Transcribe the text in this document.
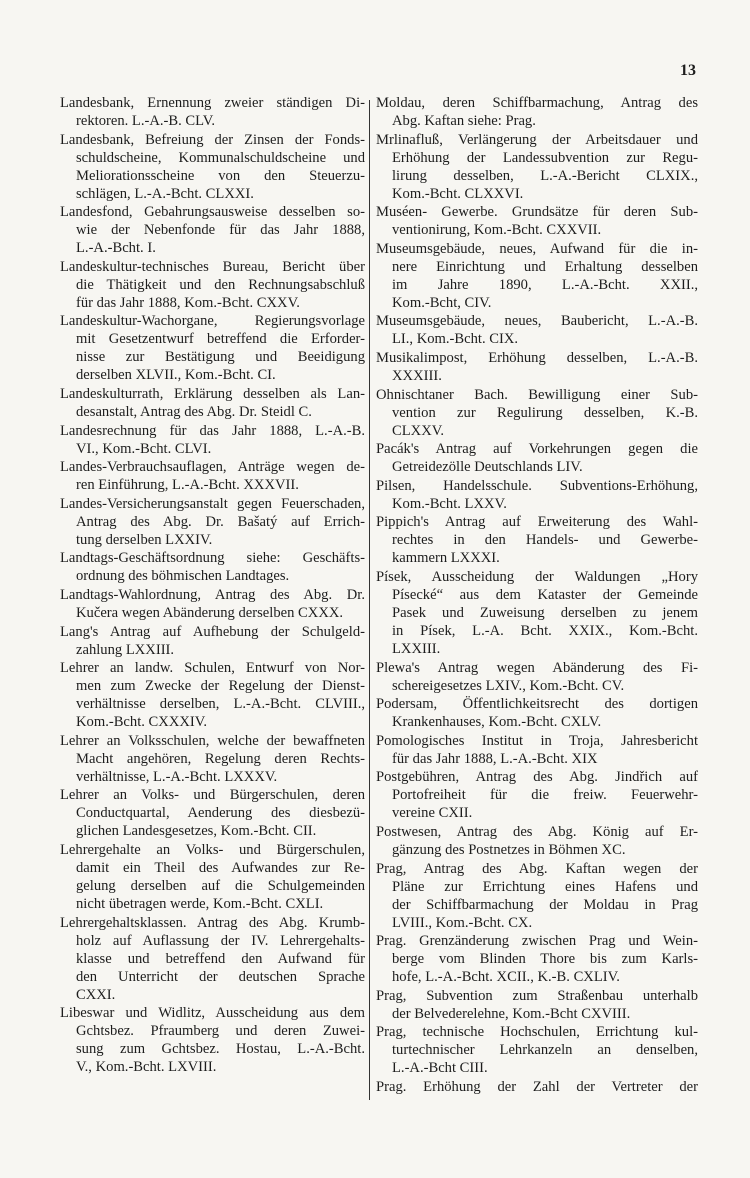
13
Landesbank, Ernennung zweier ständigen Di-
rektoren. L.-A.-B. CLV.
Landesbank, Befreiung der Zinsen der Fonds-
schuldscheine, Kommunalschuldscheine und
Meliorationsscheine von den Steuerzu-
schlägen, L.-A.-Bcht. CLXXI.
Landesfond, Gebahrungsausweise desselben so-
wie der Nebenfonde für das Jahr 1888,
L.-A.-Bcht. I.
Landeskultur-technisches Bureau, Bericht über
die Thätigkeit und den Rechnungsabschluß
für das Jahr 1888, Kom.-Bcht. CXXV.
Landeskultur-Wachorgane, Regierungsvorlage
mit Gesetzentwurf betreffend die Erforder-
nisse zur Bestätigung und Beeidigung
derselben XLVII., Kom.-Bcht. CI.
Landeskulturrath, Erklärung desselben als Lan-
desanstalt, Antrag des Abg. Dr. Steidl C.
Landesrechnung für das Jahr 1888, L.-A.-B.
VI., Kom.-Bcht. CLVI.
Landes-Verbrauchsauflagen, Anträge wegen de-
ren Einführung, L.-A.-Bcht. XXXVII.
Landes-Versicherungsanstalt gegen Feuerschaden,
Antrag des Abg. Dr. Bašatý auf Errich-
tung derselben LXXIV.
Landtags-Geschäftsordnung siehe: Geschäfts-
ordnung des böhmischen Landtages.
Landtags-Wahlordnung, Antrag des Abg. Dr.
Kučera wegen Abänderung derselben CXXX.
Lang's Antrag auf Aufhebung der Schulgeld-
zahlung LXXIII.
Lehrer an landw. Schulen, Entwurf von Nor-
men zum Zwecke der Regelung der Dienst-
verhältnisse derselben, L.-A.-Bcht. CLVIII.,
Kom.-Bcht. CXXXIV.
Lehrer an Volksschulen, welche der bewaffneten
Macht angehören, Regelung deren Rechts-
verhältnisse, L.-A.-Bcht. LXXXV.
Lehrer an Volks- und Bürgerschulen, deren
Conductquartal, Aenderung des diesbezü-
glichen Landesgesetzes, Kom.-Bcht. CII.
Lehrergehalte an Volks- und Bürgerschulen,
damit ein Theil des Aufwandes zur Re-
gelung derselben auf die Schulgemeinden
nicht übetragen werde, Kom.-Bcht. CXLI.
Lehrergehaltsklassen. Antrag des Abg. Krumb-
holz auf Auflassung der IV. Lehrergehalts-
klasse und betreffend den Aufwand für
den Unterricht der deutschen Sprache
CXXI.
Libeswar und Widlitz, Ausscheidung aus dem
Gchtsbez. Pfraumberg und deren Zuwei-
sung zum Gchtsbez. Hostau, L.-A.-Bcht.
V., Kom.-Bcht. LXVIII.
Moldau, deren Schiffbarmachung, Antrag des
Abg. Kaftan siehe: Prag.
Mrlinafluß, Verlängerung der Arbeitsdauer und
Erhöhung der Landessubvention zur Regu-
lirung desselben, L.-A.-Bericht CLXIX.,
Kom.-Bcht. CLXXVI.
Muséen- Gewerbe. Grundsätze für deren Sub-
ventionirung, Kom.-Bcht. CXXVII.
Museumsgebäude, neues, Aufwand für die in-
nere Einrichtung und Erhaltung desselben
im Jahre 1890, L.-A.-Bcht. XXII.,
Kom.-Bcht, CIV.
Museumsgebäude, neues, Baubericht, L.-A.-B.
LI., Kom.-Bcht. CIX.
Musikalimpost, Erhöhung desselben, L.-A.-B.
XXXIII.
Ohnischtaner Bach. Bewilligung einer Sub-
vention zur Regulirung desselben, K.-B.
CLXXV.
Pacák's Antrag auf Vorkehrungen gegen die
Getreidezölle Deutschlands LIV.
Pilsen, Handelsschule. Subventions-Erhöhung,
Kom.-Bcht. LXXV.
Pippich's Antrag auf Erweiterung des Wahl-
rechtes in den Handels- und Gewerbe-
kammern LXXXI.
Písek, Ausscheidung der Waldungen „Hory
Písecké“ aus dem Kataster der Gemeinde
Pasek und Zuweisung derselben zu jenem
in Písek, L.-A. Bcht. XXIX., Kom.-Bcht.
LXXIII.
Plewa's Antrag wegen Abänderung des Fi-
schereigesetzes LXIV., Kom.-Bcht. CV.
Podersam, Öffentlichkeitsrecht des dortigen
Krankenhauses, Kom.-Bcht. CXLV.
Pomologisches Institut in Troja, Jahresbericht
für das Jahr 1888, L.-A.-Bcht. XIX
Postgebühren, Antrag des Abg. Jindřich auf
Portofreiheit für die freiw. Feuerwehr-
vereine CXII.
Postwesen, Antrag des Abg. König auf Er-
gänzung des Postnetzes in Böhmen XC.
Prag, Antrag des Abg. Kaftan wegen der
Pläne zur Errichtung eines Hafens und
der Schiffbarmachung der Moldau in Prag
LVIII., Kom.-Bcht. CX.
Prag. Grenzänderung zwischen Prag und Wein-
berge vom Blinden Thore bis zum Karls-
hofe, L.-A.-Bcht. XCII., K.-B. CXLIV.
Prag, Subvention zum Straßenbau unterhalb
der Belvederelehne, Kom.-Bcht CXVIII.
Prag, technische Hochschulen, Errichtung kul-
turtechnischer Lehrkanzeln an denselben,
L.-A.-Bcht CIII.
Prag. Erhöhung der Zahl der Vertreter der
